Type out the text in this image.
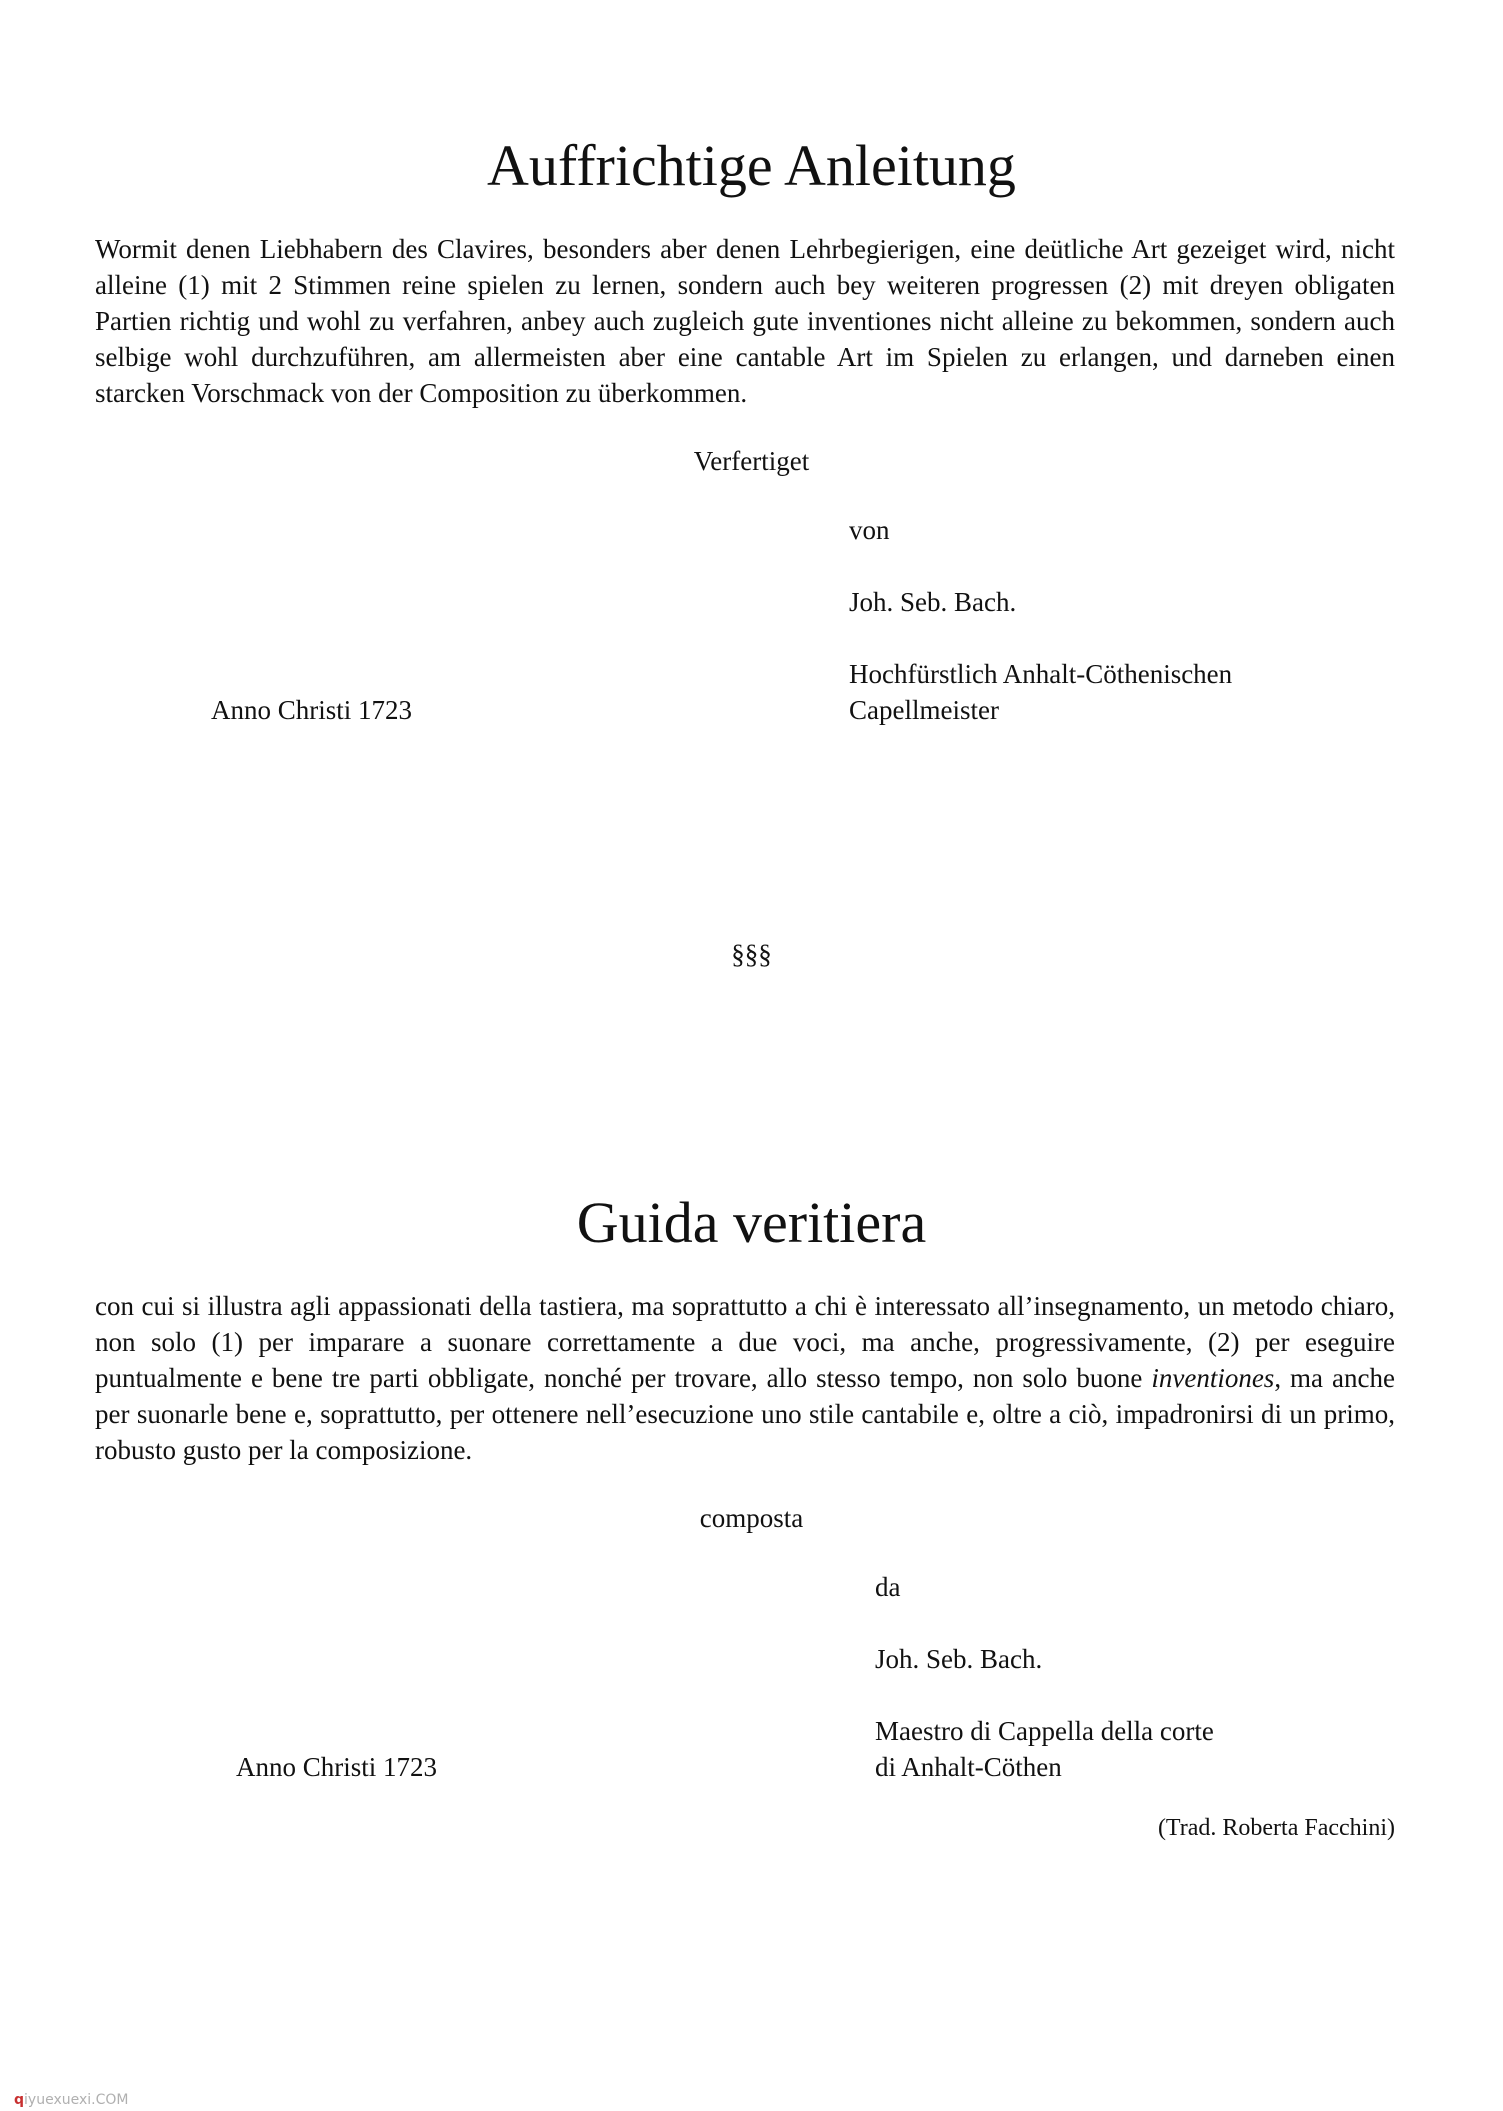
Auffrichtige Anleitung

Wormit denen Liebhabern des Clavires, besonders aber denen Lehrbegierigen, eine deütliche Art gezeiget wird, nicht alleine (1) mit 2 Stimmen reine spielen zu lernen, sondern auch bey weiteren progressen (2) mit dreyen obligaten Partien richtig und wohl zu verfahren, anbey auch zugleich gute inventiones nicht alleine zu bekommen, sondern auch selbige wohl durchzuführen, am allermeisten aber eine cantable Art im Spielen zu erlangen, und darneben einen starcken Vorschmack von der Composition zu überkommen.

Verfertiget
von
Joh. Seb. Bach.
Hochfürstlich Anhalt-Cöthenischen
Capellmeister
Anno Christi 1723
§§§
Guida veritiera

con cui si illustra agli appassionati della tastiera, ma soprattutto a chi è interessato all’insegnamento, un metodo chiaro, non solo (1) per imparare a suonare correttamente a due voci, ma anche, progressivamente, (2) per eseguire puntualmente e bene tre parti obbligate, nonché per trovare, allo stesso tempo, non solo buone inventiones, ma anche per suonarle bene e, soprattutto, per ottenere nell’esecuzione uno stile cantabile e, oltre a ciò, impadronirsi di un primo, robusto gusto per la composizione.

composta
da
Joh. Seb. Bach.
Maestro di Cappella della corte
di Anhalt-Cöthen
Anno Christi 1723
(Trad. Roberta Facchini)
qiyuexuexi.COM
